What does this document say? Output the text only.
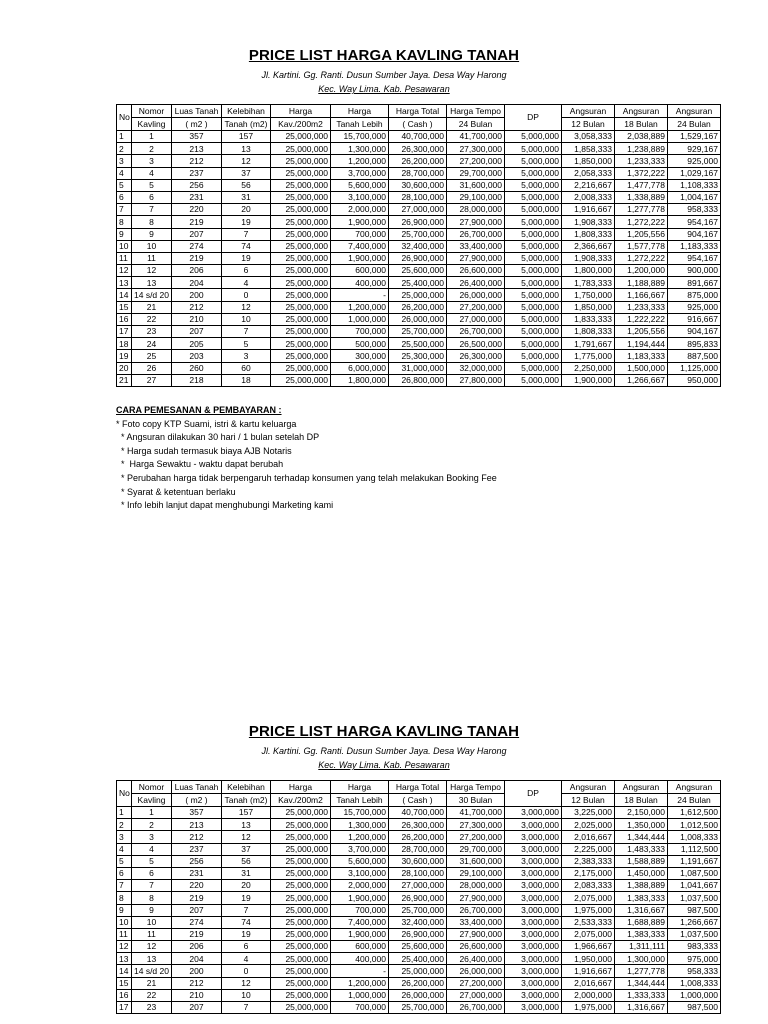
PRICE LIST HARGA KAVLING TANAH
Jl. Kartini. Gg. Ranti. Dusun Sumber Jaya. Desa Way Harong
Kec. Way Lima. Kab. Pesawaran
No	Nomor	Luas Tanah	Kelebihan	Harga	Harga	Harga Total	Harga Tempo	DP	Angsuran	Angsuran	Angsuran
	Kavling	( m2 )	Tanah (m2)	Kav./200m2	Tanah Lebih	( Cash )	24 Bulan		12 Bulan	18 Bulan	24 Bulan
1	1	357	157	25,000,000	15,700,000	40,700,000	41,700,000	5,000,000	3,058,333	2,038,889	1,529,167
2	2	213	13	25,000,000	1,300,000	26,300,000	27,300,000	5,000,000	1,858,333	1,238,889	929,167
3	3	212	12	25,000,000	1,200,000	26,200,000	27,200,000	5,000,000	1,850,000	1,233,333	925,000
4	4	237	37	25,000,000	3,700,000	28,700,000	29,700,000	5,000,000	2,058,333	1,372,222	1,029,167
5	5	256	56	25,000,000	5,600,000	30,600,000	31,600,000	5,000,000	2,216,667	1,477,778	1,108,333
6	6	231	31	25,000,000	3,100,000	28,100,000	29,100,000	5,000,000	2,008,333	1,338,889	1,004,167
7	7	220	20	25,000,000	2,000,000	27,000,000	28,000,000	5,000,000	1,916,667	1,277,778	958,333
8	8	219	19	25,000,000	1,900,000	26,900,000	27,900,000	5,000,000	1,908,333	1,272,222	954,167
9	9	207	7	25,000,000	700,000	25,700,000	26,700,000	5,000,000	1,808,333	1,205,556	904,167
10	10	274	74	25,000,000	7,400,000	32,400,000	33,400,000	5,000,000	2,366,667	1,577,778	1,183,333
11	11	219	19	25,000,000	1,900,000	26,900,000	27,900,000	5,000,000	1,908,333	1,272,222	954,167
12	12	206	6	25,000,000	600,000	25,600,000	26,600,000	5,000,000	1,800,000	1,200,000	900,000
13	13	204	4	25,000,000	400,000	25,400,000	26,400,000	5,000,000	1,783,333	1,188,889	891,667
14	14 s/d 20	200	0	25,000,000	-	25,000,000	26,000,000	5,000,000	1,750,000	1,166,667	875,000
15	21	212	12	25,000,000	1,200,000	26,200,000	27,200,000	5,000,000	1,850,000	1,233,333	925,000
16	22	210	10	25,000,000	1,000,000	26,000,000	27,000,000	5,000,000	1,833,333	1,222,222	916,667
17	23	207	7	25,000,000	700,000	25,700,000	26,700,000	5,000,000	1,808,333	1,205,556	904,167
18	24	205	5	25,000,000	500,000	25,500,000	26,500,000	5,000,000	1,791,667	1,194,444	895,833
19	25	203	3	25,000,000	300,000	25,300,000	26,300,000	5,000,000	1,775,000	1,183,333	887,500
20	26	260	60	25,000,000	6,000,000	31,000,000	32,000,000	5,000,000	2,250,000	1,500,000	1,125,000
21	27	218	18	25,000,000	1,800,000	26,800,000	27,800,000	5,000,000	1,900,000	1,266,667	950,000
CARA PEMESANAN & PEMBAYARAN :
* Foto copy KTP Suami, istri & kartu keluarga
* Angsuran dilakukan 30 hari / 1 bulan setelah DP
* Harga sudah termasuk biaya AJB Notaris
*  Harga Sewaktu - waktu dapat berubah
* Perubahan harga tidak berpengaruh terhadap konsumen yang telah melakukan Booking Fee
* Syarat & ketentuan berlaku
* Info lebih lanjut dapat menghubungi Marketing kami
PRICE LIST HARGA KAVLING TANAH
Jl. Kartini. Gg. Ranti. Dusun Sumber Jaya. Desa Way Harong
Kec. Way Lima. Kab. Pesawaran
No	Nomor	Luas Tanah	Kelebihan	Harga	Harga	Harga Total	Harga Tempo	DP	Angsuran	Angsuran	Angsuran
	Kavling	( m2 )	Tanah (m2)	Kav./200m2	Tanah Lebih	( Cash )	30 Bulan		12 Bulan	18 Bulan	24 Bulan
1	1	357	157	25,000,000	15,700,000	40,700,000	41,700,000	3,000,000	3,225,000	2,150,000	1,612,500
2	2	213	13	25,000,000	1,300,000	26,300,000	27,300,000	3,000,000	2,025,000	1,350,000	1,012,500
3	3	212	12	25,000,000	1,200,000	26,200,000	27,200,000	3,000,000	2,016,667	1,344,444	1,008,333
4	4	237	37	25,000,000	3,700,000	28,700,000	29,700,000	3,000,000	2,225,000	1,483,333	1,112,500
5	5	256	56	25,000,000	5,600,000	30,600,000	31,600,000	3,000,000	2,383,333	1,588,889	1,191,667
6	6	231	31	25,000,000	3,100,000	28,100,000	29,100,000	3,000,000	2,175,000	1,450,000	1,087,500
7	7	220	20	25,000,000	2,000,000	27,000,000	28,000,000	3,000,000	2,083,333	1,388,889	1,041,667
8	8	219	19	25,000,000	1,900,000	26,900,000	27,900,000	3,000,000	2,075,000	1,383,333	1,037,500
9	9	207	7	25,000,000	700,000	25,700,000	26,700,000	3,000,000	1,975,000	1,316,667	987,500
10	10	274	74	25,000,000	7,400,000	32,400,000	33,400,000	3,000,000	2,533,333	1,688,889	1,266,667
11	11	219	19	25,000,000	1,900,000	26,900,000	27,900,000	3,000,000	2,075,000	1,383,333	1,037,500
12	12	206	6	25,000,000	600,000	25,600,000	26,600,000	3,000,000	1,966,667	1,311,111	983,333
13	13	204	4	25,000,000	400,000	25,400,000	26,400,000	3,000,000	1,950,000	1,300,000	975,000
14	14 s/d 20	200	0	25,000,000	-	25,000,000	26,000,000	3,000,000	1,916,667	1,277,778	958,333
15	21	212	12	25,000,000	1,200,000	26,200,000	27,200,000	3,000,000	2,016,667	1,344,444	1,008,333
16	22	210	10	25,000,000	1,000,000	26,000,000	27,000,000	3,000,000	2,000,000	1,333,333	1,000,000
17	23	207	7	25,000,000	700,000	25,700,000	26,700,000	3,000,000	1,975,000	1,316,667	987,500
